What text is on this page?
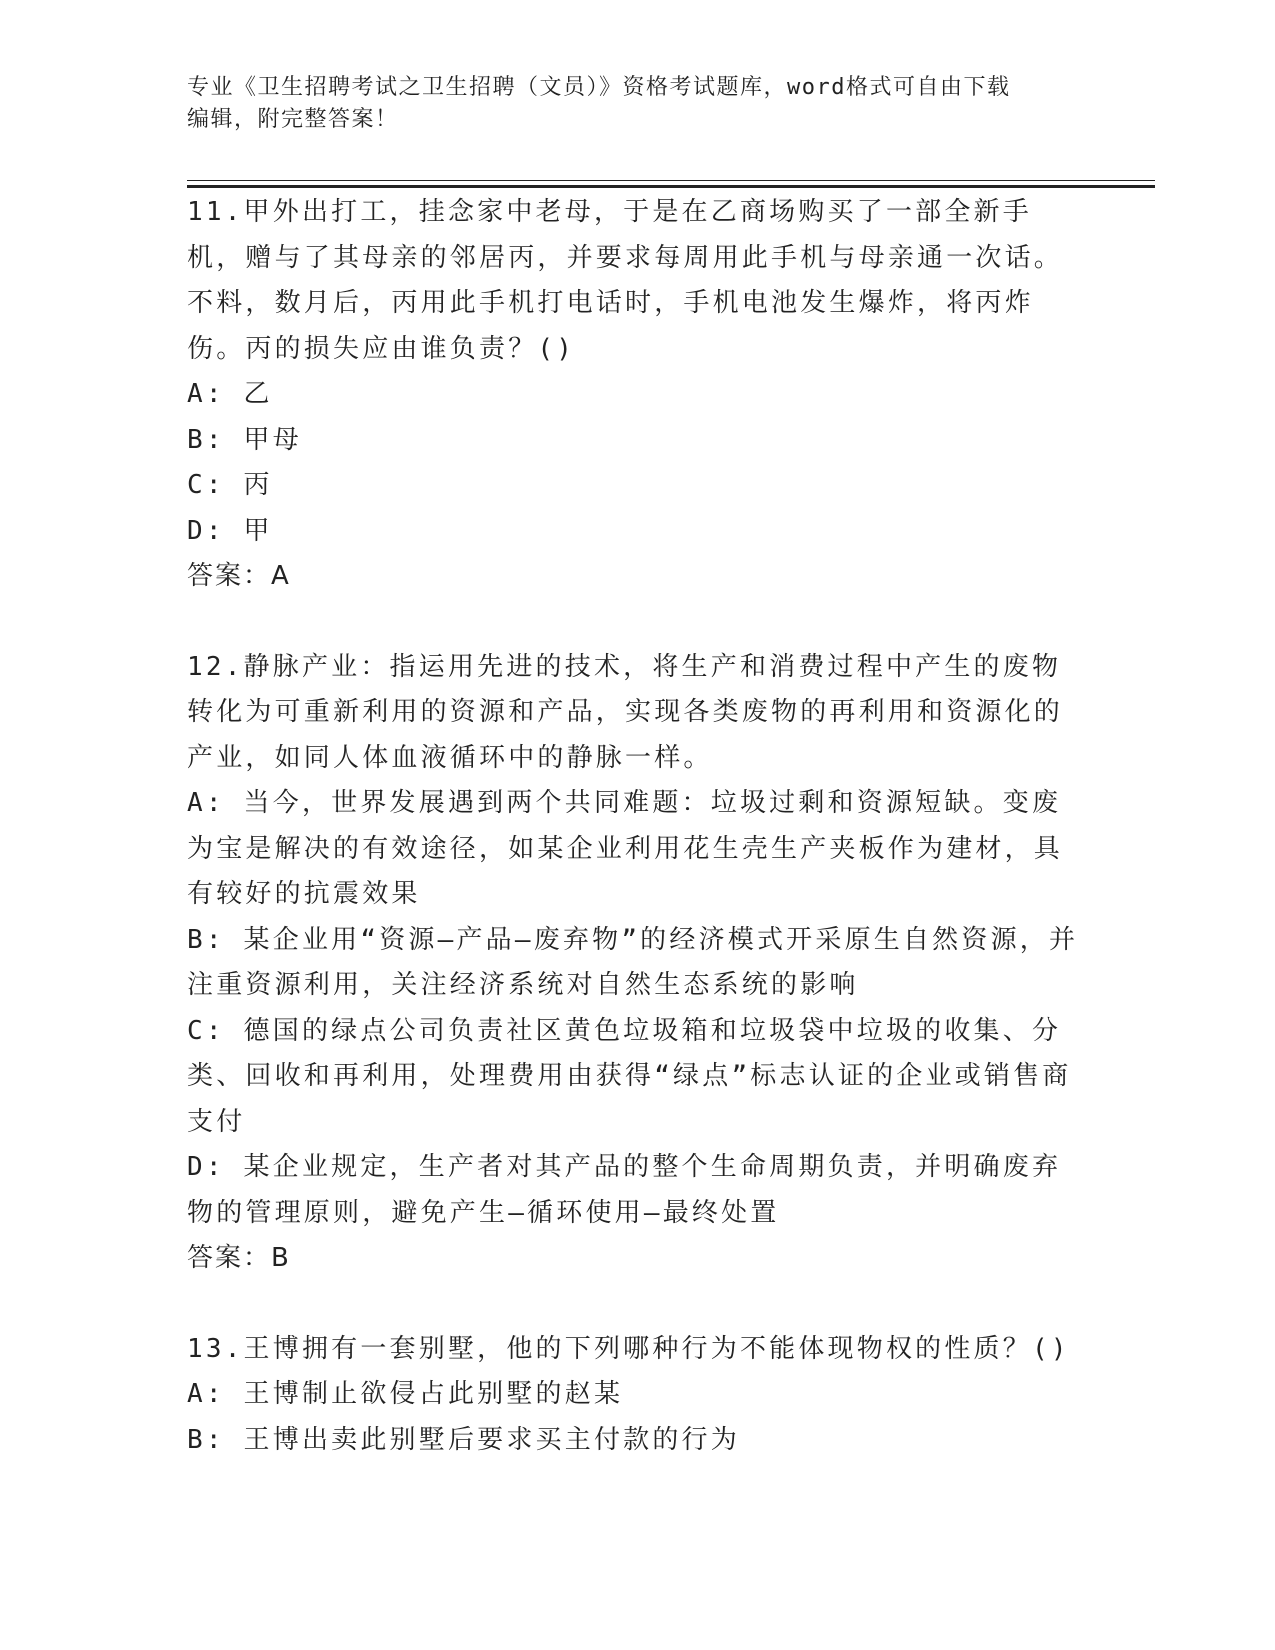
专业《卫生招聘考试之卫生招聘（文员）》资格考试题库，word格式可自由下载
编辑，附完整答案！

11.甲外出打工，挂念家中老母，于是在乙商场购买了一部全新手机，赠与了其母亲的邻居丙，并要求每周用此手机与母亲通一次话。不料，数月后，丙用此手机打电话时，手机电池发生爆炸，将丙炸伤。丙的损失应由谁负责？()

A: 乙

B: 甲母

C: 丙

D: 甲

答案：A

12.静脉产业：指运用先进的技术，将生产和消费过程中产生的废物转化为可重新利用的资源和产品，实现各类废物的再利用和资源化的产业，如同人体血液循环中的静脉一样。

A: 当今，世界发展遇到两个共同难题：垃圾过剩和资源短缺。变废为宝是解决的有效途径，如某企业利用花生壳生产夹板作为建材，具有较好的抗震效果

B: 某企业用“资源—产品—废弃物”的经济模式开采原生自然资源，并注重资源利用，关注经济系统对自然生态系统的影响

C: 德国的绿点公司负责社区黄色垃圾箱和垃圾袋中垃圾的收集、分类、回收和再利用，处理费用由获得“绿点”标志认证的企业或销售商支付

D: 某企业规定，生产者对其产品的整个生命周期负责，并明确废弃物的管理原则，避免产生—循环使用—最终处置

答案：B

13.王博拥有一套别墅，他的下列哪种行为不能体现物权的性质？()

A: 王博制止欲侵占此别墅的赵某

B: 王博出卖此别墅后要求买主付款的行为
